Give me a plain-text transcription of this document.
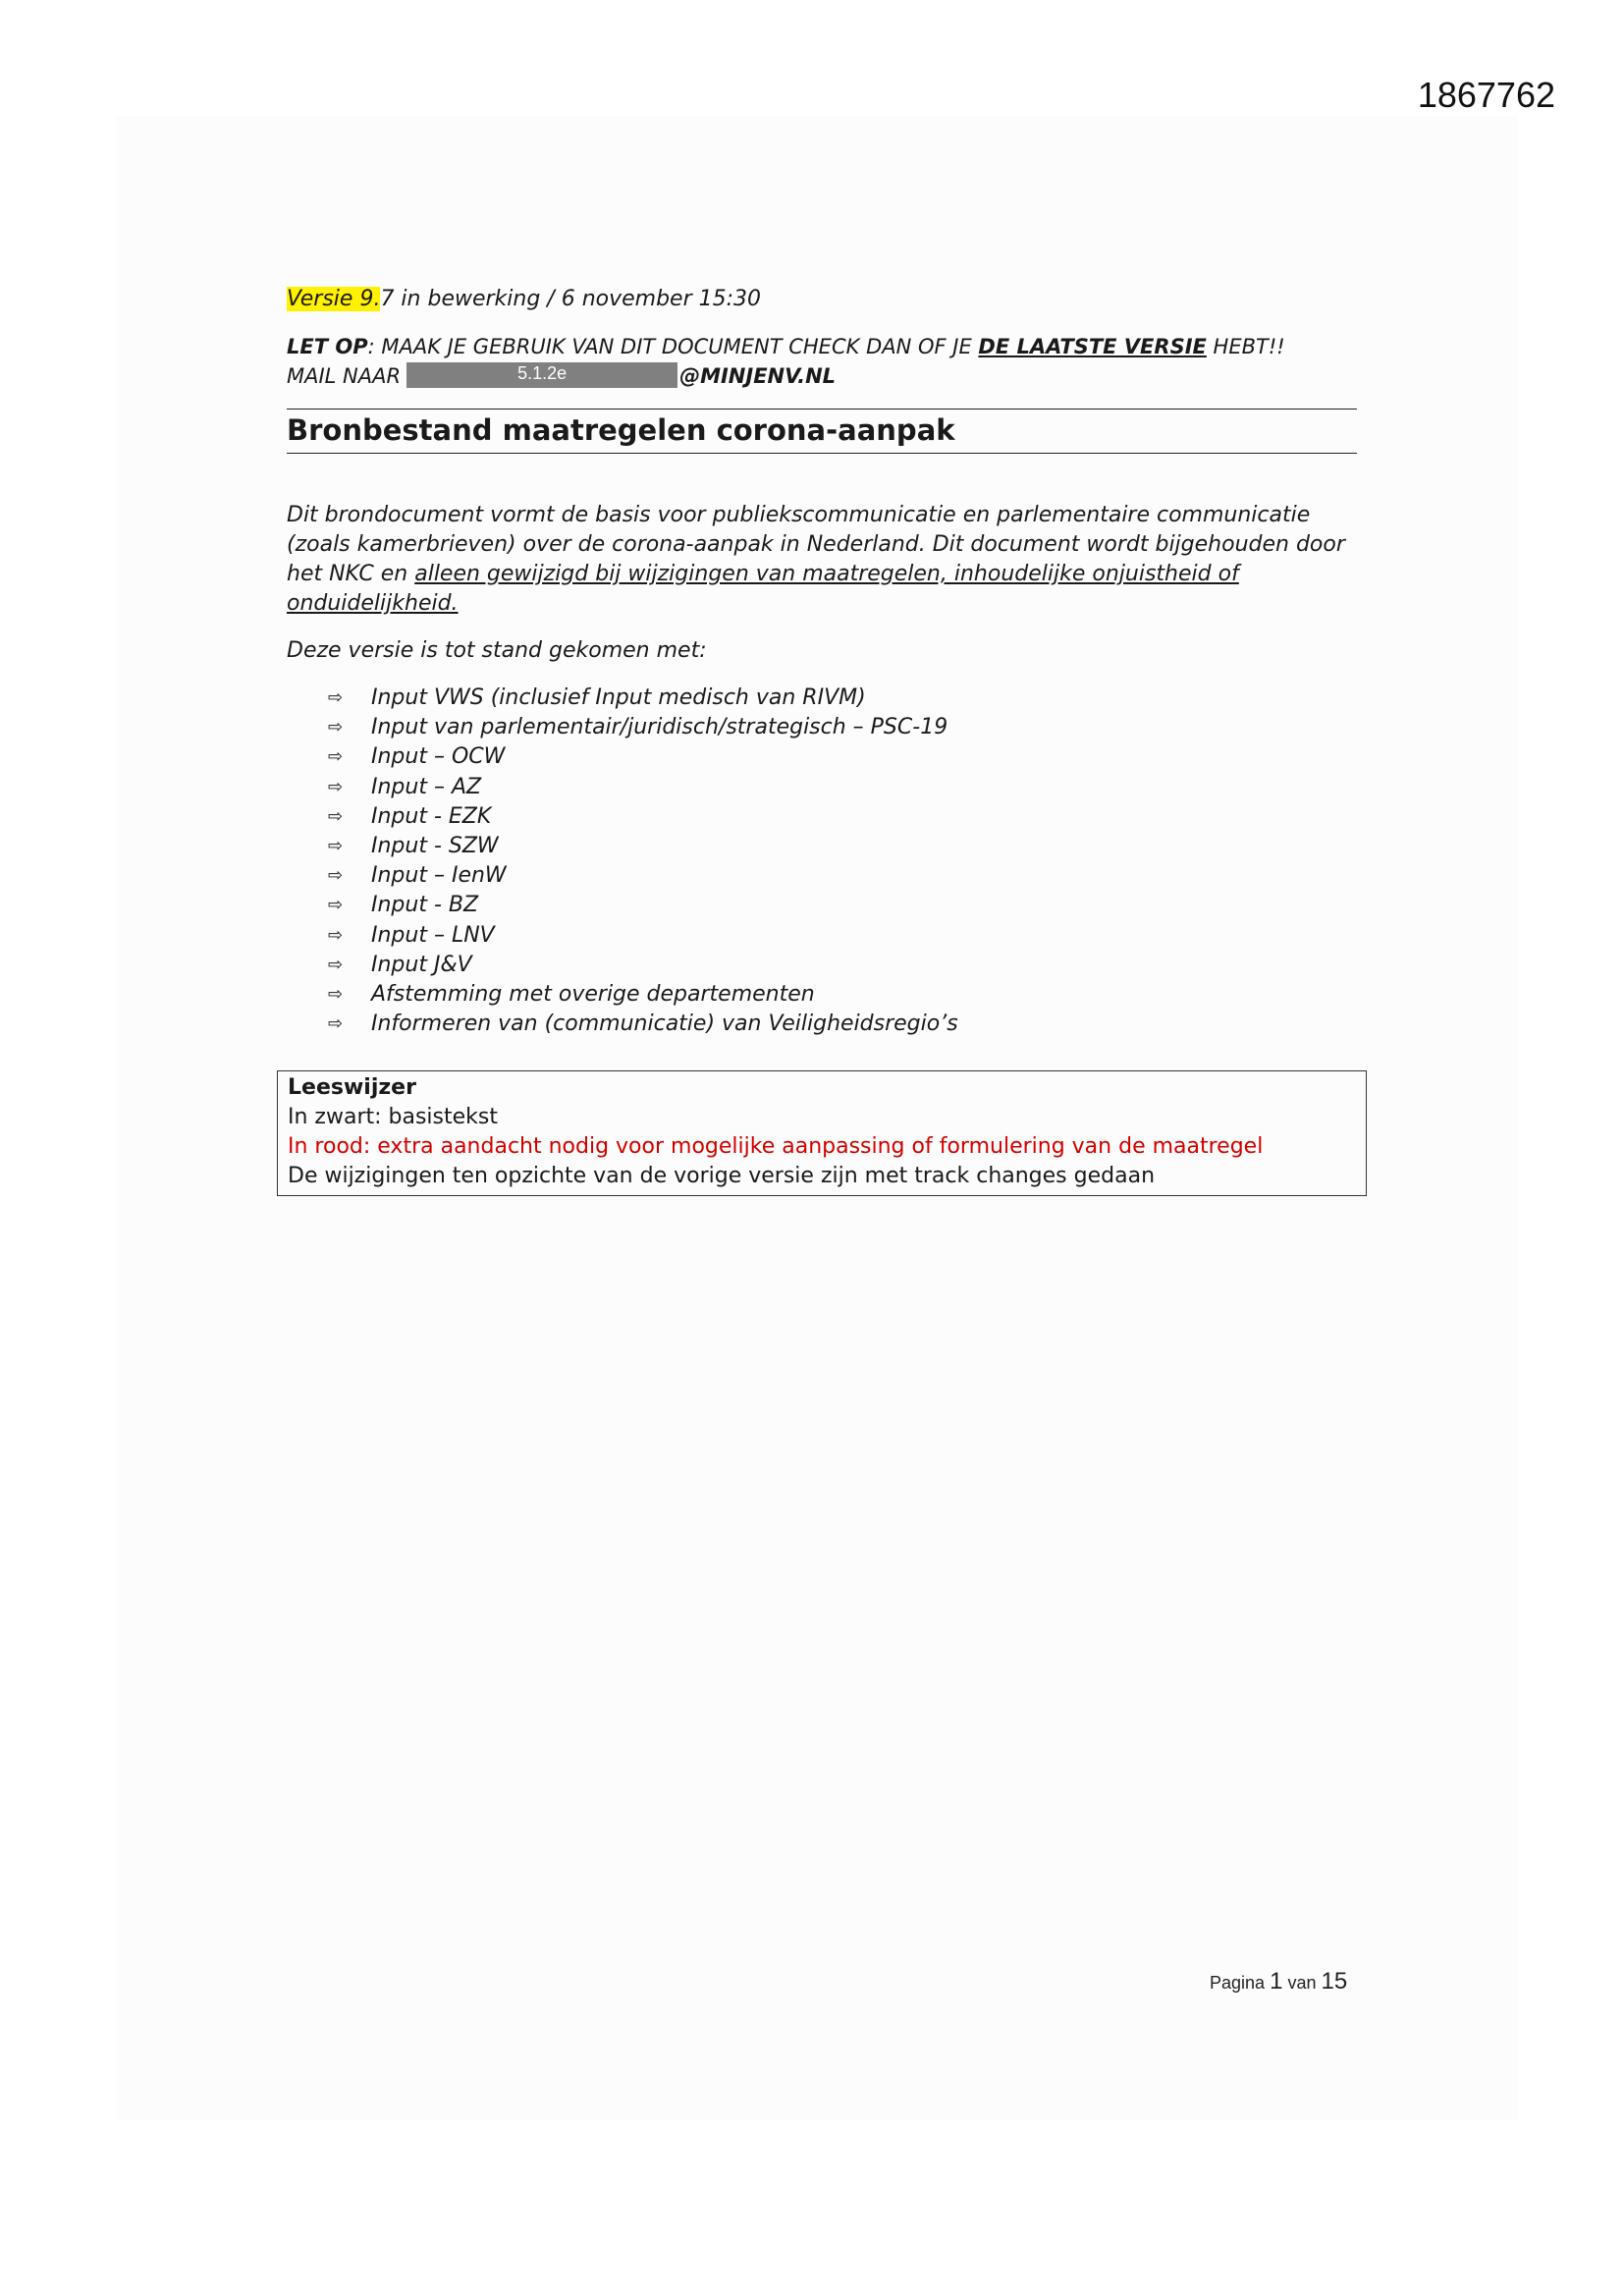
1867762
Versie 9.7 in bewerking / 6 november 15:30
LET OP: MAAK JE GEBRUIK VAN DIT DOCUMENT CHECK DAN OF JE DE LAATSTE VERSIE HEBT!!
MAIL NAAR	5.1.2e	@MINJENV.NL
Bronbestand maatregelen corona-aanpak
Dit brondocument vormt de basis voor publiekscommunicatie en parlementaire communicatie (zoals kamerbrieven) over de corona-aanpak in Nederland. Dit document wordt bijgehouden door het NKC en alleen gewijzigd bij wijzigingen van maatregelen, inhoudelijke onjuistheid of onduidelijkheid.
Deze versie is tot stand gekomen met:
⇨	Input VWS (inclusief Input medisch van RIVM)
⇨	Input van parlementair/juridisch/strategisch – PSC-19
⇨	Input – OCW
⇨	Input – AZ
⇨	Input - EZK
⇨	Input - SZW
⇨	Input – IenW
⇨	Input - BZ
⇨	Input – LNV
⇨	Input J&V
⇨	Afstemming met overige departementen
⇨	Informeren van (communicatie) van Veiligheidsregio’s
Leeswijzer
In zwart: basistekst
In rood: extra aandacht nodig voor mogelijke aanpassing of formulering van de maatregel
De wijzigingen ten opzichte van de vorige versie zijn met track changes gedaan
Pagina 1 van 15
